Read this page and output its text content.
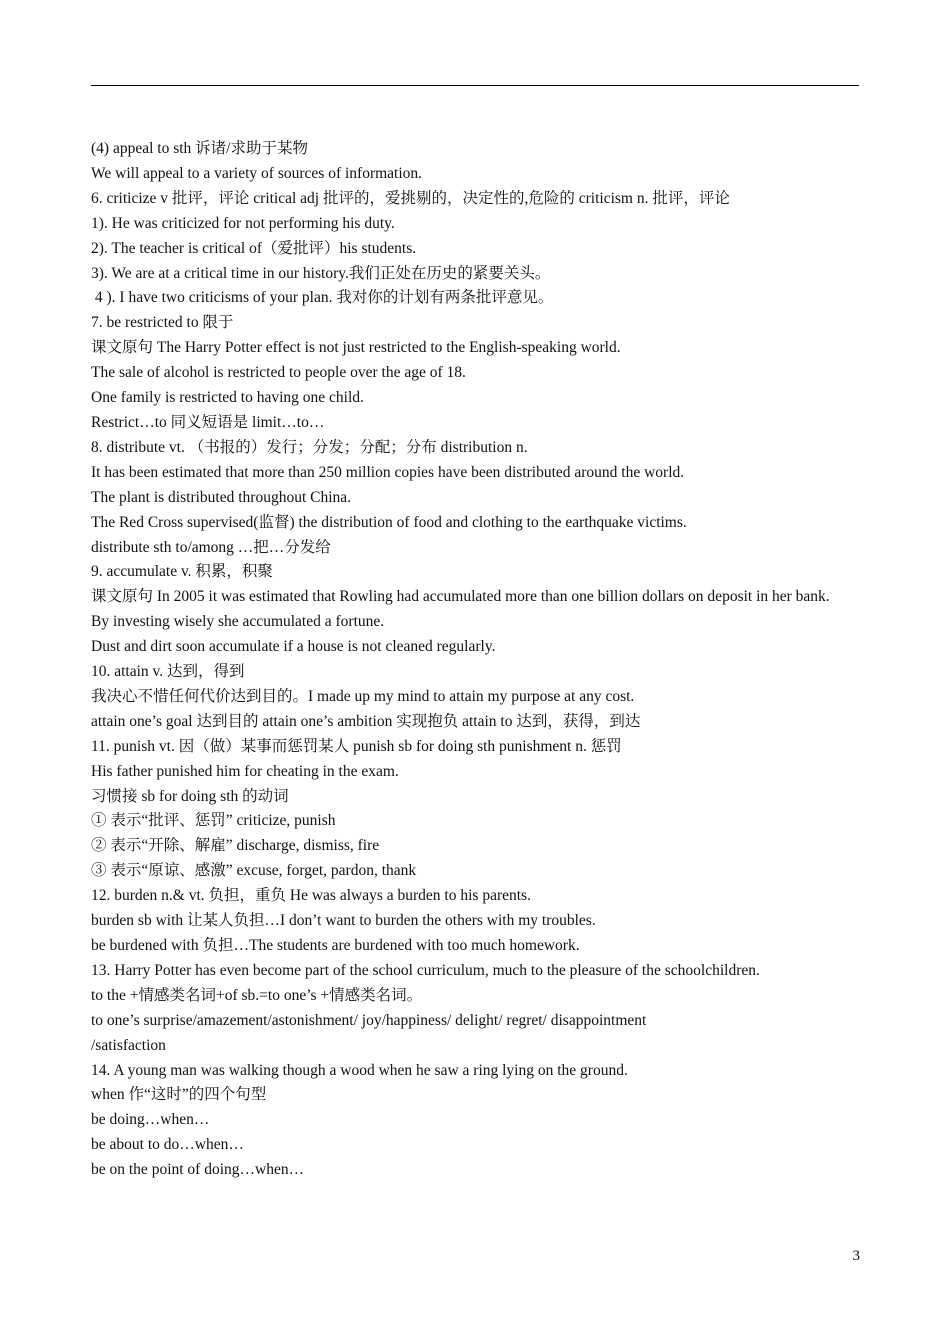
(4) appeal to sth 诉诸/求助于某物
We will appeal to a variety of sources of information.
6. criticize v 批评，评论 critical adj 批评的，爱挑剔的，决定性的,危险的 criticism n. 批评，评论
1). He was criticized for not performing his duty.
2). The teacher is critical of（爱批评）his students.
3). We are at a critical time in our history.我们正处在历史的紧要关头。
4 ). I have two criticisms of your plan. 我对你的计划有两条批评意见。
7. be restricted to 限于
课文原句 The Harry Potter effect is not just restricted to the English-speaking world.
The sale of alcohol is restricted to people over the age of 18.
One family is restricted to having one child.
Restrict…to 同义短语是 limit…to…
8. distribute vt. （书报的）发行；分发；分配；分布 distribution n.
It has been estimated that more than 250 million copies have been distributed around the world.
The plant is distributed throughout China.
The Red Cross supervised(监督) the distribution of food and clothing to the earthquake victims.
distribute sth to/among …把…分发给
9. accumulate v. 积累，积聚
课文原句 In 2005 it was estimated that Rowling had accumulated more than one billion dollars on deposit in her bank.
By investing wisely she accumulated a fortune.
Dust and dirt soon accumulate if a house is not cleaned regularly.
10. attain v. 达到，得到
我决心不惜任何代价达到目的。I made up my mind to attain my purpose at any cost.
attain one’s goal 达到目的 attain one’s ambition 实现抱负 attain to 达到，获得，到达
11. punish vt. 因（做）某事而惩罚某人 punish sb for doing sth punishment n. 惩罚
His father punished him for cheating in the exam.
习惯接 sb for doing sth 的动词
① 表示“批评、惩罚” criticize, punish
② 表示“开除、解雇” discharge, dismiss, fire
③ 表示“原谅、感激” excuse, forget, pardon, thank
12. burden n.& vt. 负担，重负 He was always a burden to his parents.
burden sb with 让某人负担…I don’t want to burden the others with my troubles.
be burdened with 负担…The students are burdened with too much homework.
13. Harry Potter has even become part of the school curriculum, much to the pleasure of the schoolchildren.
to the +情感类名词+of sb.=to one’s +情感类名词。
to one’s surprise/amazement/astonishment/ joy/happiness/ delight/ regret/ disappointment
/satisfaction
14. A young man was walking though a wood when he saw a ring lying on the ground.
when 作“这时”的四个句型
be doing…when…
be about to do…when…
be on the point of doing…when…
3
